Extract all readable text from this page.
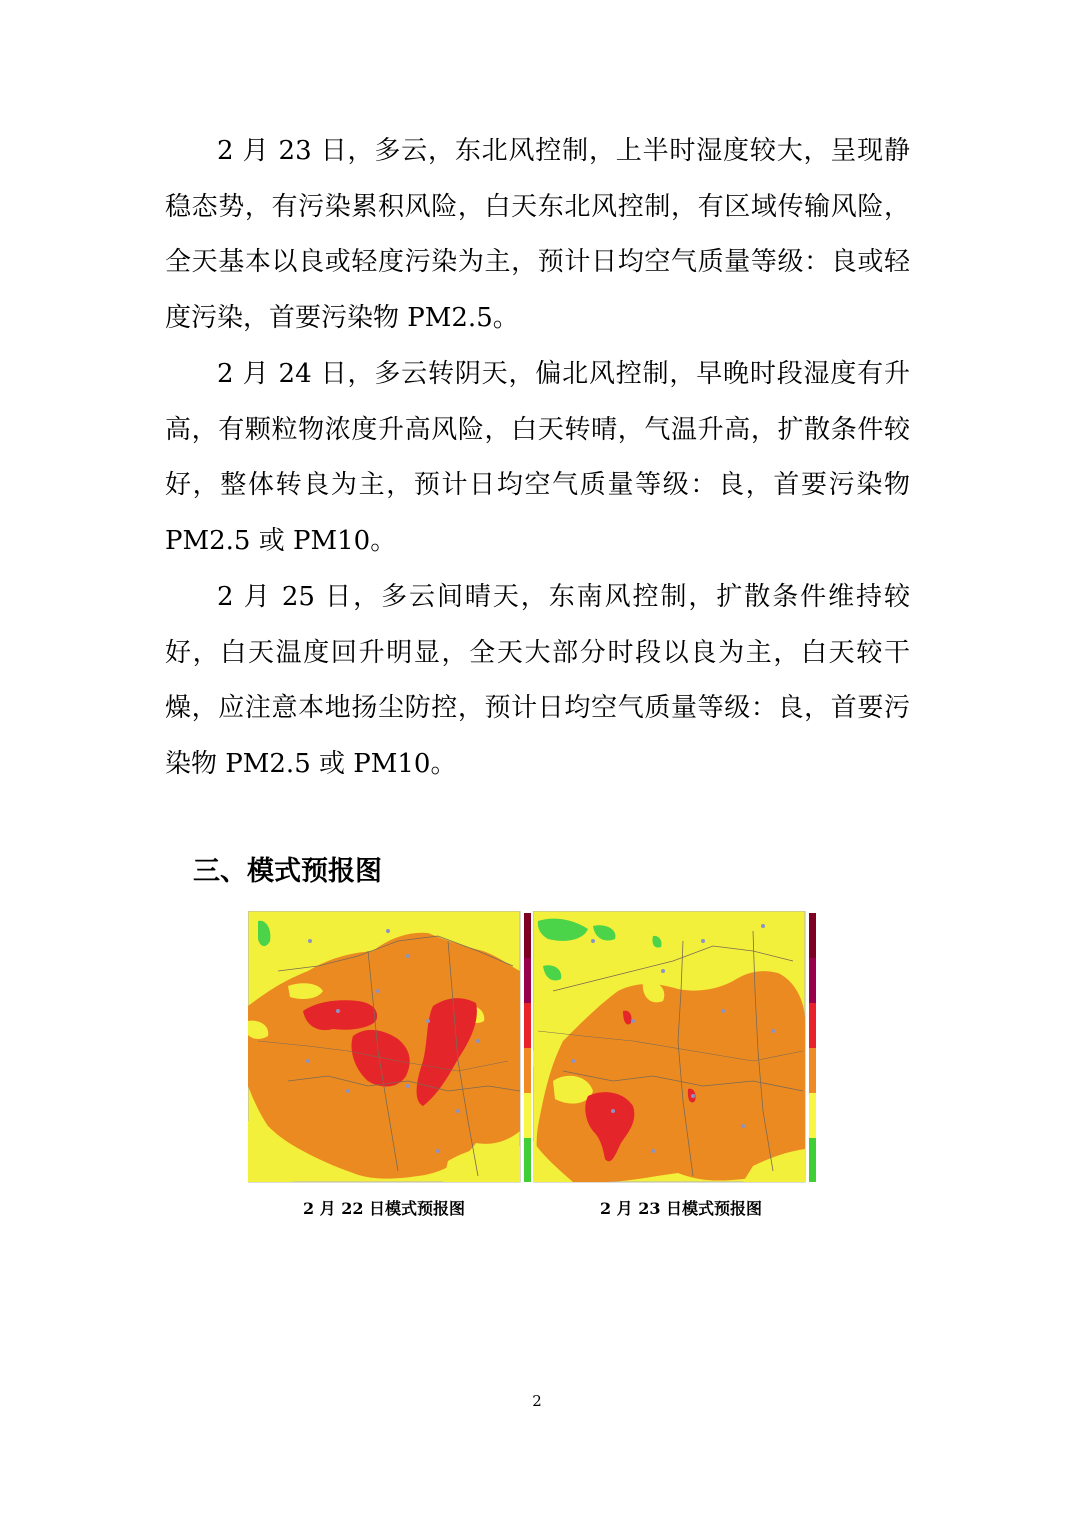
2 月 23 日，多云，东北风控制，上半时湿度较大，呈现静稳态势，有污染累积风险，白天东北风控制，有区域传输风险，全天基本以良或轻度污染为主，预计日均空气质量等级：良或轻度污染，首要污染物 PM2.5。

2 月 24 日，多云转阴天，偏北风控制，早晚时段湿度有升高，有颗粒物浓度升高风险，白天转晴，气温升高，扩散条件较好，整体转良为主，预计日均空气质量等级：良，首要污染物 PM2.5 或 PM10。

2 月 25 日，多云间晴天，东南风控制，扩散条件维持较好，白天温度回升明显，全天大部分时段以良为主，白天较干燥，应注意本地扬尘防控，预计日均空气质量等级：良，首要污染物 PM2.5 或 PM10。

三、模式预报图
2 月 22 日模式预报图	2 月 23 日模式预报图
2
